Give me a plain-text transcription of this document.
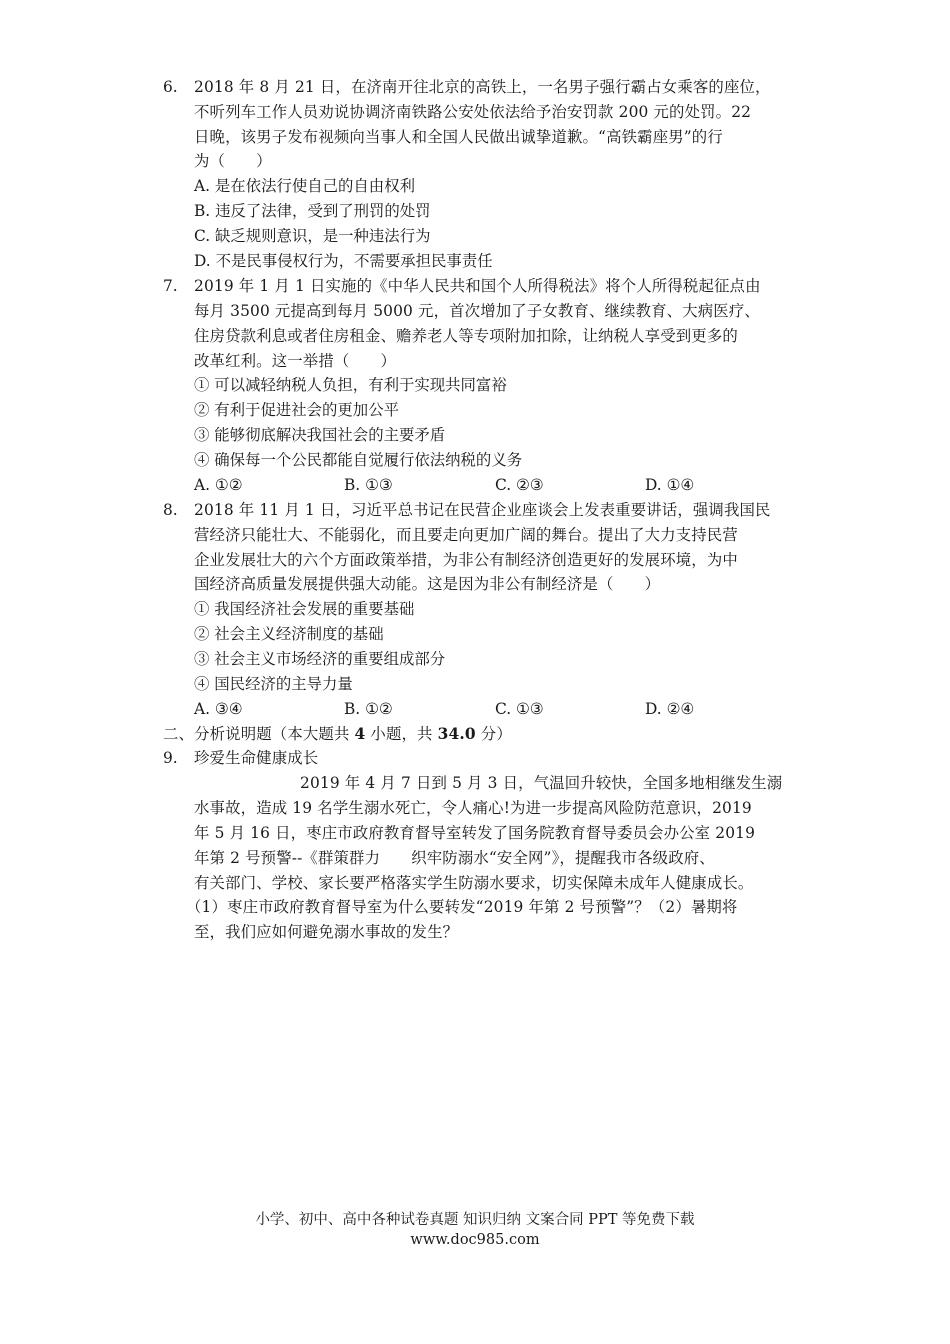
6. 2018 年 8 月 21 日，在济南开往北京的高铁上，一名男子强行霸占女乘客的座位，
不听列车工作人员劝说协调济南铁路公安处依法给予治安罚款 200 元的处罚。22
日晚，该男子发布视频向当事人和全国人民做出诚挚道歉。“高铁霸座男”的行
为（　　）
A. 是在依法行使自己的自由权利
B. 违反了法律，受到了刑罚的处罚
C. 缺乏规则意识，是一种违法行为
D. 不是民事侵权行为，不需要承担民事责任
7. 2019 年 1 月 1 日实施的《中华人民共和国个人所得税法》将个人所得税起征点由
每月 3500 元提高到每月 5000 元，首次增加了子女教育、继续教育、大病医疗、
住房贷款利息或者住房租金、赡养老人等专项附加扣除，让纳税人享受到更多的
改革红利。这一举措（　　）
① 可以减轻纳税人负担，有利于实现共同富裕
② 有利于促进社会的更加公平
③ 能够彻底解决我国社会的主要矛盾
④ 确保每一个公民都能自觉履行依法纳税的义务
A. ①②	B. ①③	C. ②③	D. ①④
8. 2018 年 11 月 1 日，习近平总书记在民营企业座谈会上发表重要讲话，强调我国民
营经济只能壮大、不能弱化，而且要走向更加广阔的舞台。提出了大力支持民营
企业发展壮大的六个方面政策举措，为非公有制经济创造更好的发展环境，为中
国经济高质量发展提供强大动能。这是因为非公有制经济是（　　）
① 我国经济社会发展的重要基础
② 社会主义经济制度的基础
③ 社会主义市场经济的重要组成部分
④ 国民经济的主导力量
A. ③④	B. ①②	C. ①③	D. ②④
二、分析说明题（本大题共 4 小题，共 34.0 分）
9. 珍爱生命健康成长
2019 年 4 月 7 日到 5 月 3 日，气温回升较快，全国多地相继发生溺
水事故，造成 19 名学生溺水死亡，令人痛心!为进一步提高风险防范意识，2019
年 5 月 16 日，枣庄市政府教育督导室转发了国务院教育督导委员会办公室 2019
年第 2 号预警--《群策群力　　织牢防溺水“安全网”》，提醒我市各级政府、
有关部门、学校、家长要严格落实学生防溺水要求，切实保障未成年人健康成长。
（1）枣庄市政府教育督导室为什么要转发“2019 年第 2 号预警”？（2）暑期将
至，我们应如何避免溺水事故的发生？
小学、初中、高中各种试卷真题 知识归纳 文案合同 PPT 等免费下载
www.doc985.com
